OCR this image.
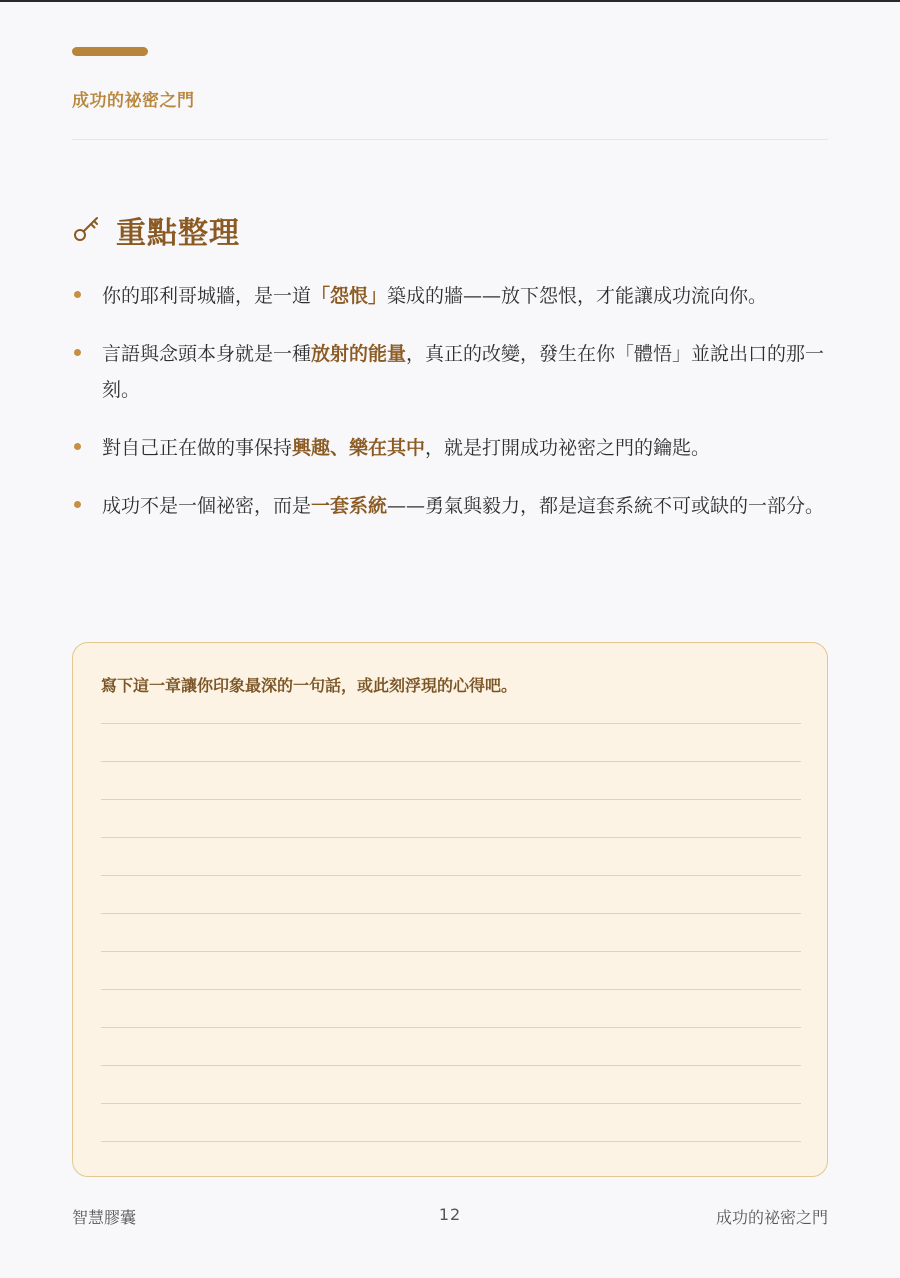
成功的祕密之門
重點整理
你的耶利哥城牆，是一道「怨恨」築成的牆——放下怨恨，才能讓成功流向你。
言語與念頭本身就是一種放射的能量，真正的改變，發生在你「體悟」並說出口的那一刻。
對自己正在做的事保持興趣、樂在其中，就是打開成功祕密之門的鑰匙。
成功不是一個祕密，而是一套系統——勇氣與毅力，都是這套系統不可或缺的一部分。
寫下這一章讓你印象最深的一句話，或此刻浮現的心得吧。
智慧膠囊	12	成功的祕密之門
